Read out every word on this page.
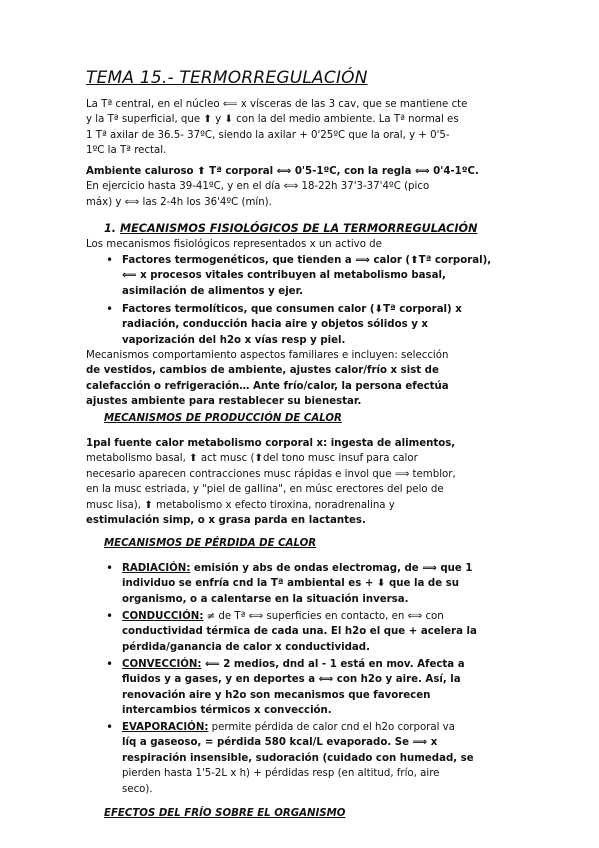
TEMA 15.- TERMORREGULACIÓN
La Tª central, en el núcleo ⟸ x vísceras de las 3 cav, que se mantiene cte
y la Tª superficial, que ⬆ y ⬇ con la del medio ambiente. La Tª normal es
1 Tª axilar de 36.5- 37ºC, siendo la axilar + 0'25ºC que la oral, y + 0'5-
1ºC la Tª rectal.
Ambiente caluroso ⬆ Tª corporal ⟺ 0'5-1ºC, con la regla ⟺ 0'4-1ºC.
En ejercicio hasta 39-41ºC, y en el día ⟺ 18-22h 37'3-37'4ºC (pico
máx) y ⟺ las 2-4h los 36'4ºC (mín).
1. MECANISMOS FISIOLÓGICOS DE LA TERMORREGULACIÓN
Los mecanismos fisiológicos representados x un activo de
• Factores termogenéticos, que tienden a ⟹ calor (⬆Tª corporal),
⟸ x procesos vitales contribuyen al metabolismo basal,
asimilación de alimentos y ejer.
• Factores termolíticos, que consumen calor (⬇Tª corporal) x
radiación, conducción hacia aire y objetos sólidos y x
vaporización del h2o x vías resp y piel.
Mecanismos comportamiento aspectos familiares e incluyen: selección
de vestidos, cambios de ambiente, ajustes calor/frío x sist de
calefacción o refrigeración… Ante frío/calor, la persona efectúa
ajustes ambiente para restablecer su bienestar.
MECANISMOS DE PRODUCCIÓN DE CALOR
1pal fuente calor metabolismo corporal x: ingesta de alimentos,
metabolismo basal, ⬆ act musc (⬆del tono musc insuf para calor
necesario aparecen contracciones musc rápidas e invol que ⟹ temblor,
en la musc estriada, y "piel de gallina", en músc erectores del pelo de
musc lisa), ⬆ metabolismo x efecto tiroxina, noradrenalina y
estimulación simp, o x grasa parda en lactantes.
MECANISMOS DE PÉRDIDA DE CALOR
• RADIACIÓN: emisión y abs de ondas electromag, de ⟹ que 1
individuo se enfría cnd la Tª ambiental es + ⬇ que la de su
organismo, o a calentarse en la situación inversa.
• CONDUCCIÓN: ≠ de Tª ⟺ superficies en contacto, en ⟺ con
conductividad térmica de cada una. El h2o el que + acelera la
pérdida/ganancia de calor x conductividad.
• CONVECCIÓN: ⟸ 2 medios, dnd al - 1 está en mov. Afecta a
fluidos y a gases, y en deportes a ⟺ con h2o y aire. Así, la
renovación aire y h2o son mecanismos que favorecen
intercambios térmicos x convección.
• EVAPORACIÓN: permite pérdida de calor cnd el h2o corporal va
líq a gaseoso, = pérdida 580 kcal/L evaporado. Se ⟹ x
respiración insensible, sudoración (cuidado con humedad, se
pierden hasta 1'5-2L x h) + pérdidas resp (en altitud, frío, aire
seco).
EFECTOS DEL FRÍO SOBRE EL ORGANISMO
